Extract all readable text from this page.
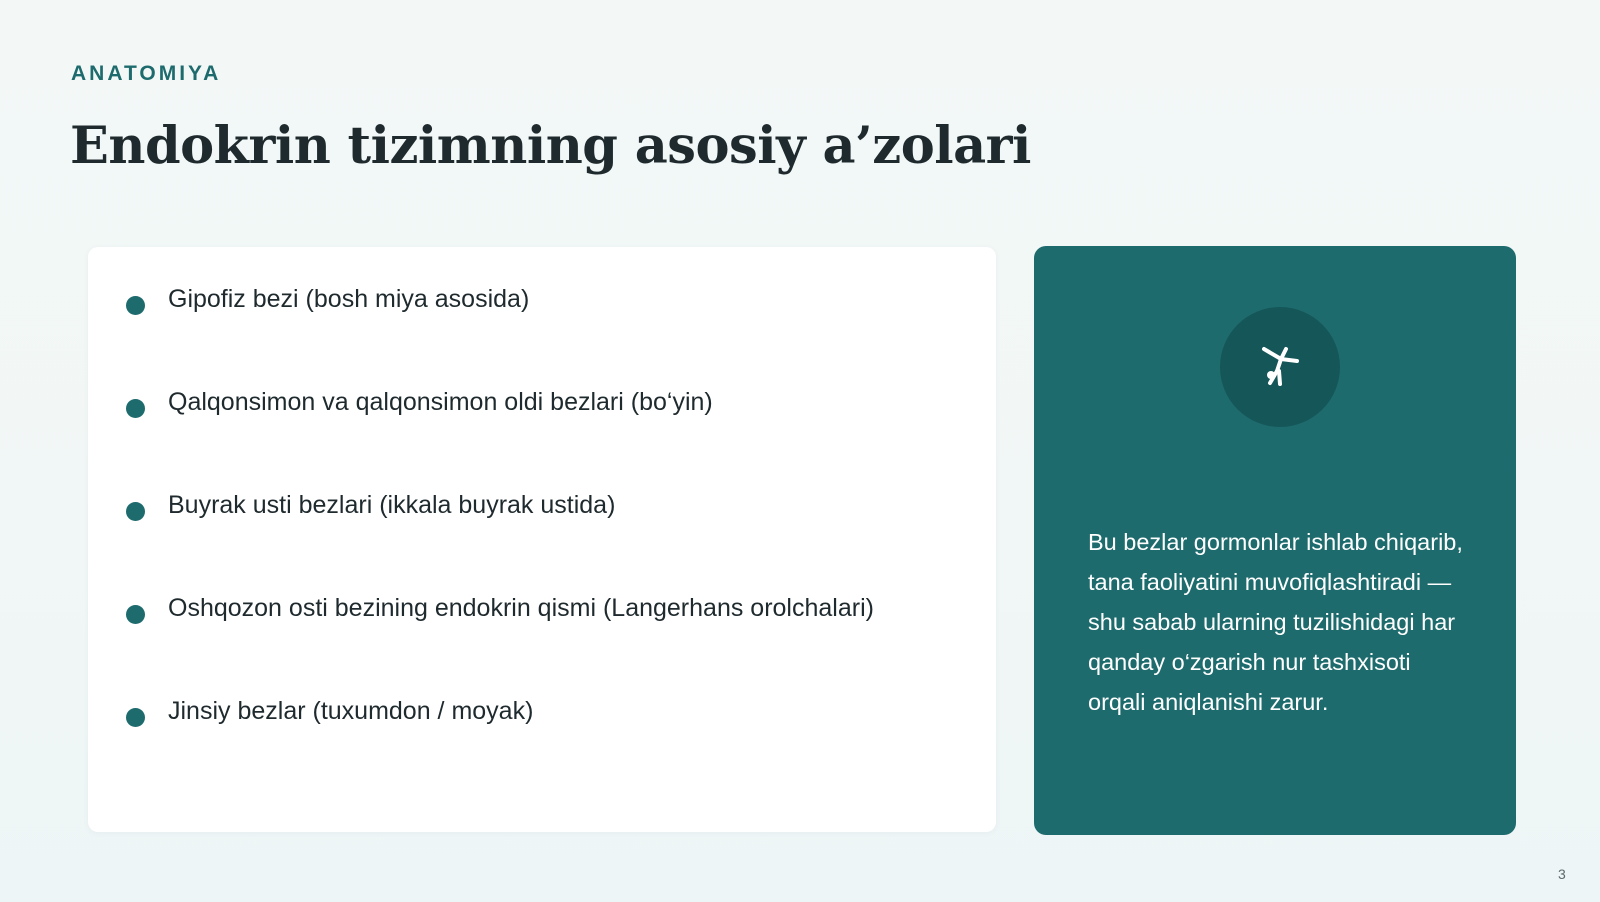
ANATOMIYA
Endokrin tizimning asosiy a’zolari
Gipofiz bezi (bosh miya asosida)
Qalqonsimon va qalqonsimon oldi bezlari (bo‘yin)
Buyrak usti bezlari (ikkala buyrak ustida)
Oshqozon osti bezining endokrin qismi (Langerhans orolchalari)
Jinsiy bezlar (tuxumdon / moyak)

Bu bezlar gormonlar ishlab chiqarib, tana faoliyatini muvofiqlashtiradi — shu sabab ularning tuzilishidagi har qanday o‘zgarish nur tashxisoti orqali aniqlanishi zarur.

3
